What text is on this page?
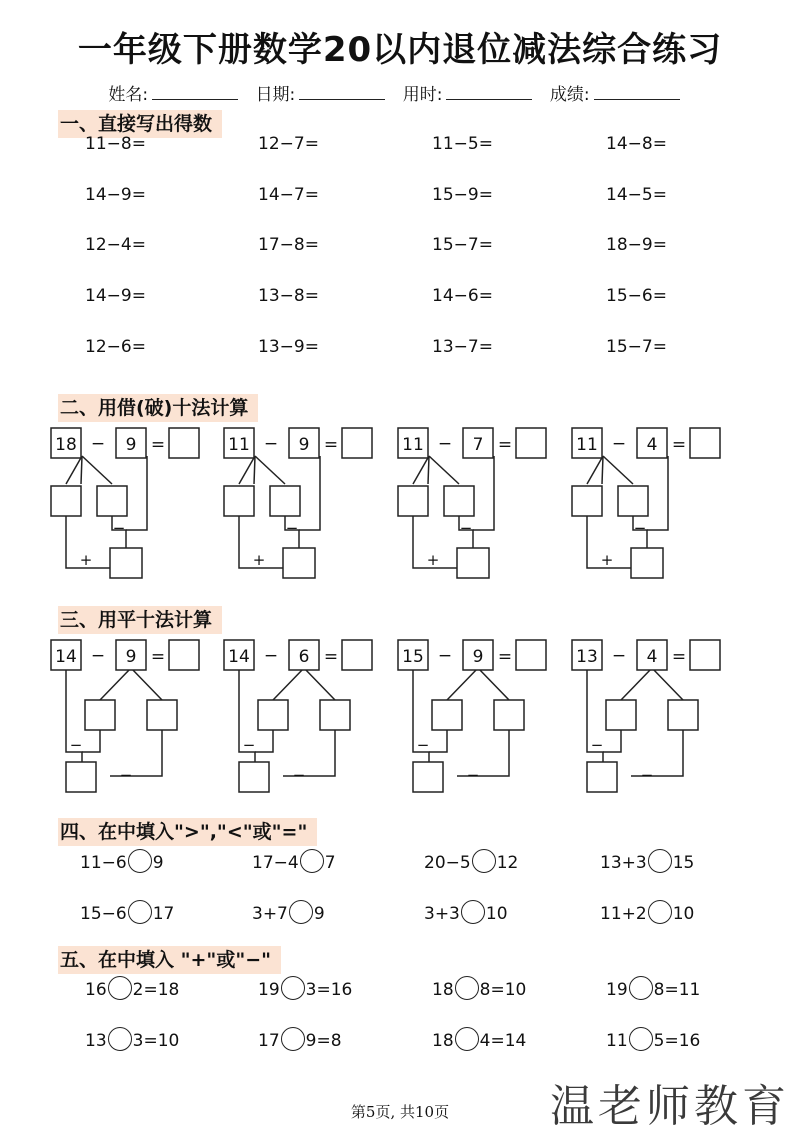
一年级下册数学20以内退位减法综合练习
姓名:	日期:	用时:	成绩:
一、直接写出得数
11−8=	12−7=	11−5=	14−8=
14−9=	14−7=	15−9=	14−5=
12−4=	17−8=	15−7=	18−9=
14−9=	13−8=	14−6=	15−6=
12−6=	13−9=	13−7=	15−7=
二、用借(破)十法计算
18	9
−	=
−
+
11	9
−	=
−
+
11	7
−	=
−
+
11	4
−	=
−
+
三、用平十法计算
14	9
−	=
−
−
14	6
−	=
−
−
15	9
−	=
−
−
13	4
−	=
−
−
四、在中填入">","<"或"="
11−6 9	17−4 7	20−5 12	13+3 15
15−6 17	3+7 9	3+3 10	11+2 10
五、在中填入 "+"或"−"
16 2=18	19 3=16	18 8=10	19 8=11
13 3=10	17 9=8	18 4=14	11 5=16
第5页, 共10页	温老师教育
